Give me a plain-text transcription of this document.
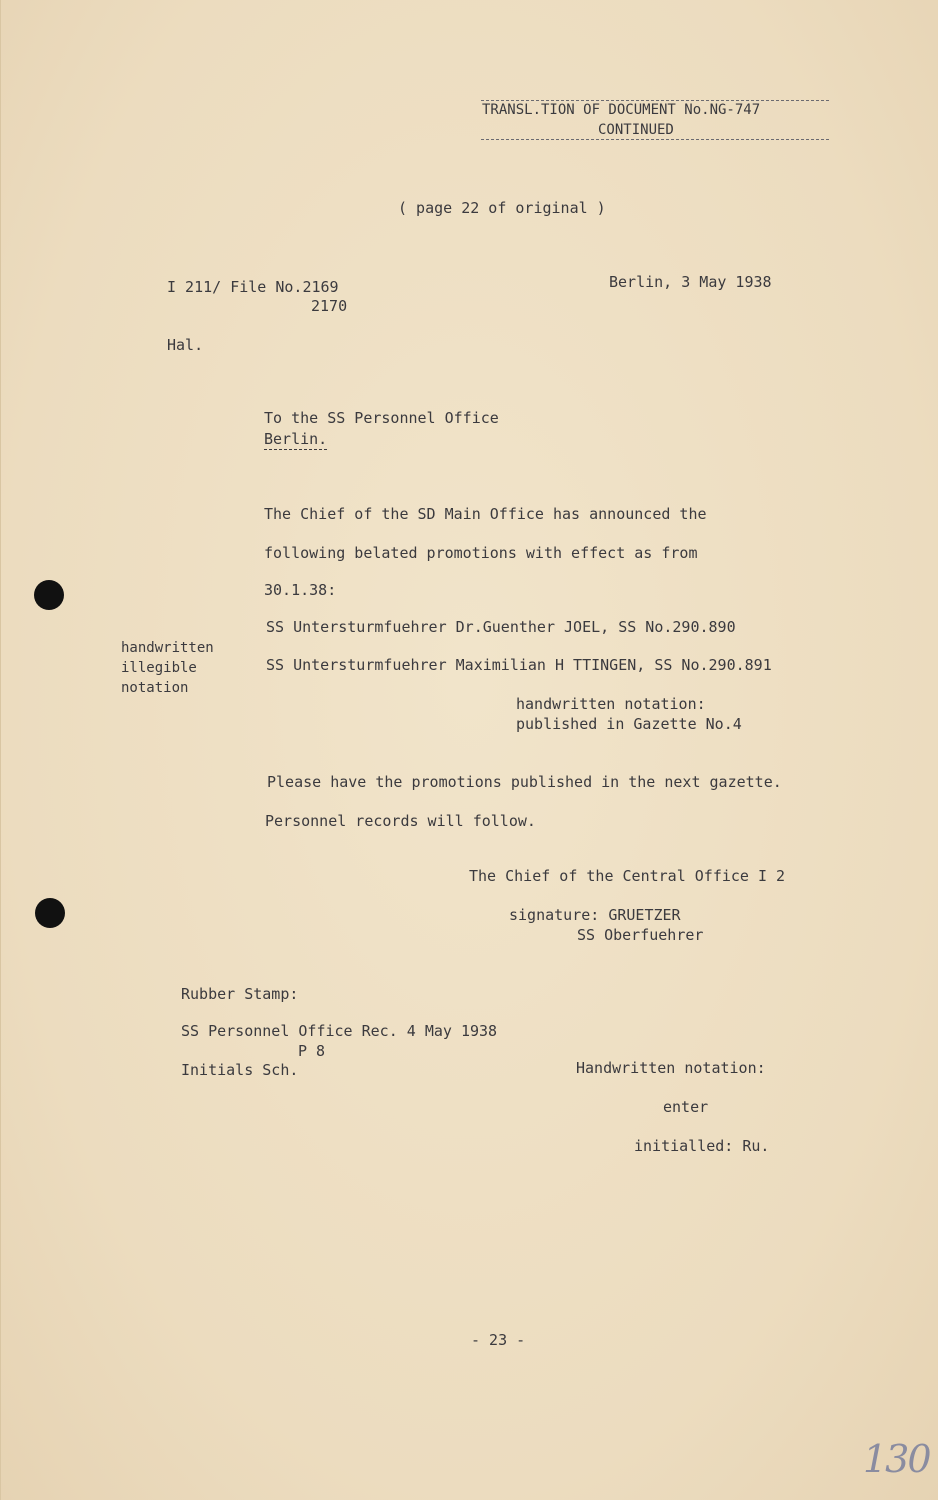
TRANSL.TION OF DOCUMENT No.NG-747
CONTINUED
( page 22 of original )
I 211/ File No.2169
2170
Berlin, 3 May 1938
Hal.
To the SS Personnel Office
Berlin.
The Chief of the SD Main Office has announced the
following belated promotions with effect as from
30.1.38:
SS Untersturmfuehrer Dr.Guenther JOEL, SS No.290.890
SS Untersturmfuehrer Maximilian H TTINGEN, SS No.290.891
handwritten
illegible
notation
handwritten notation:
published in Gazette No.4
Please have the promotions published in the next gazette.
Personnel records will follow.
The Chief of the Central Office I 2
signature: GRUETZER
SS Oberfuehrer
Rubber Stamp:
SS Personnel Office Rec. 4 May 1938
P 8
Initials Sch.	Handwritten notation:
enter
initialled: Ru.
- 23 -
130
